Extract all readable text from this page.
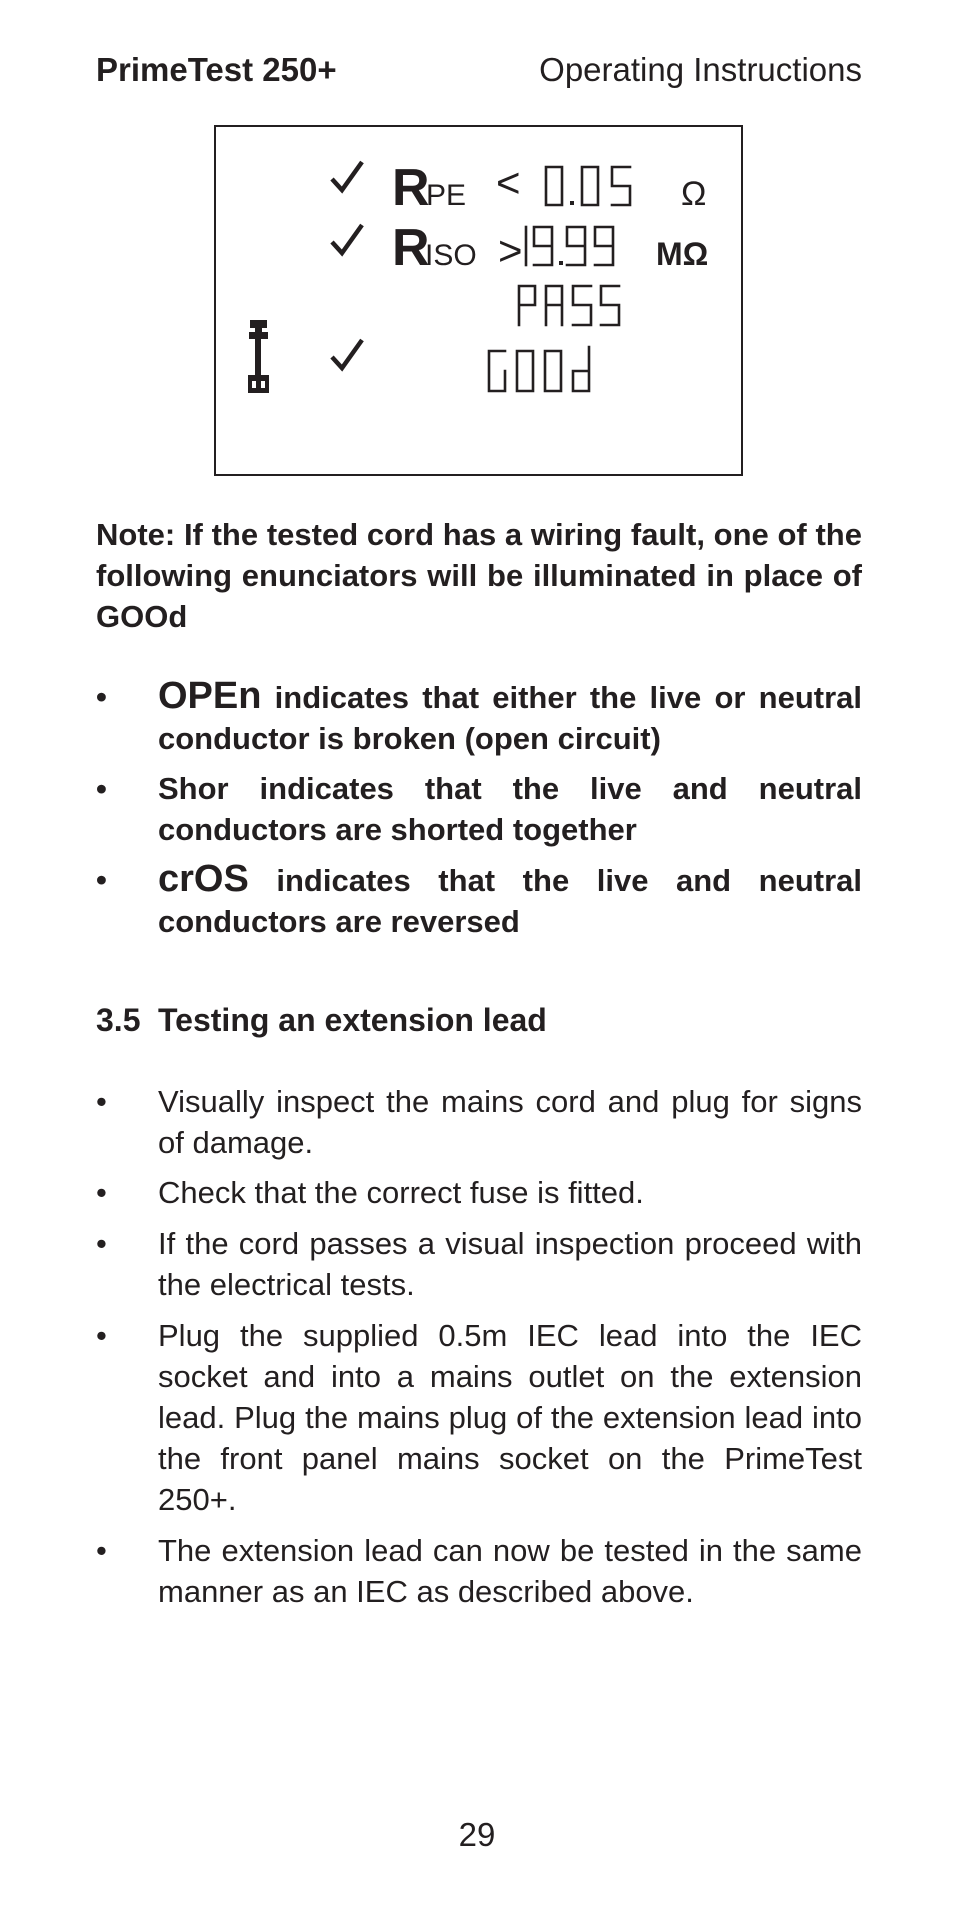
PrimeTest 250+	Operating Instructions
R
PE <	Ω
R
ISO >	MΩ

Note: If the tested cord has a wiring fault, one of the following enunciators will be illuminated in place of GOOd

• OPEn indicates that either the live or neutral conductor is broken (open circuit)
• Shor indicates that the live and neutral conductors are shorted together
• crOS indicates that the live and neutral conductors are reversed
3.5 Testing an extension lead
• Visually inspect the mains cord and plug for signs of damage.
• Check that the correct fuse is fitted.
• If the cord passes a visual inspection proceed with the electrical tests.
• Plug the supplied 0.5m IEC lead into the IEC socket and into a mains outlet on the extension lead. Plug the mains plug of the extension lead into the front panel mains socket on the PrimeTest 250+.
• The extension lead can now be tested in the same manner as an IEC as described above.
29
